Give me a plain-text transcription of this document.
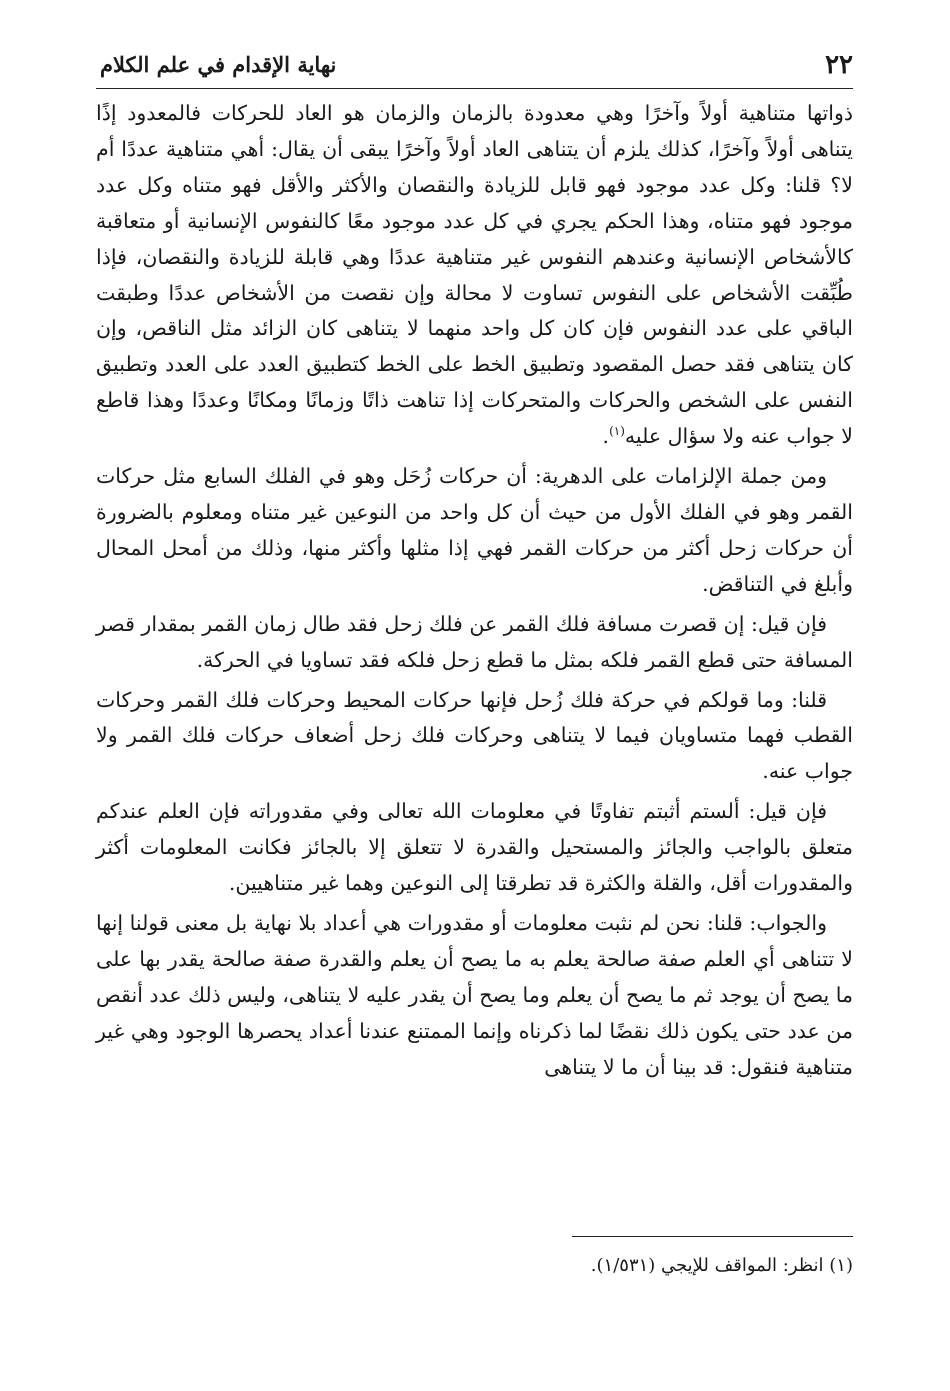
٢٢
نهاية الإقدام في علم الكلام

ذواتها متناهية أولاً وآخرًا وهي معدودة بالزمان والزمان هو العاد للحركات فالمعدود إذًا يتناهى أولاً وآخرًا، كذلك يلزم أن يتناهى العاد أولاً وآخرًا يبقى أن يقال: أهي متناهية عددًا أم لا؟ قلنا: وكل عدد موجود فهو قابل للزيادة والنقصان والأكثر والأقل فهو متناه وكل عدد موجود فهو متناه، وهذا الحكم يجري في كل عدد موجود معًا كالنفوس الإنسانية أو متعاقبة كالأشخاص الإنسانية وعندهم النفوس غير متناهية عددًا وهي قابلة للزيادة والنقصان، فإذا طُبِّقت الأشخاص على النفوس تساوت لا محالة وإن نقصت من الأشخاص عددًا وطبقت الباقي على عدد النفوس فإن كان كل واحد منهما لا يتناهى كان الزائد مثل الناقص، وإن كان يتناهى فقد حصل المقصود وتطبيق الخط على الخط كتطبيق العدد على العدد وتطبيق النفس على الشخص والحركات والمتحركات إذا تناهت ذاتًا وزمانًا ومكانًا وعددًا وهذا قاطع لا جواب عنه ولا سؤال عليه$^{(١)}$.

ومن جملة الإلزامات على الدهرية: أن حركات زُحَل وهو في الفلك السابع مثل حركات القمر وهو في الفلك الأول من حيث أن كل واحد من النوعين غير متناه ومعلوم بالضرورة أن حركات زحل أكثر من حركات القمر فهي إذا مثلها وأكثر منها، وذلك من أمحل المحال وأبلغ في التناقض.

فإن قيل: إن قصرت مسافة فلك القمر عن فلك زحل فقد طال زمان القمر بمقدار قصر المسافة حتى قطع القمر فلكه بمثل ما قطع زحل فلكه فقد تساويا في الحركة.

قلنا: وما قولكم في حركة فلك زُحل فإنها حركات المحيط وحركات فلك القمر وحركات القطب فهما متساويان فيما لا يتناهى وحركات فلك زحل أضعاف حركات فلك القمر ولا جواب عنه.

فإن قيل: ألستم أثبتم تفاوتًا في معلومات الله تعالى وفي مقدوراته فإن العلم عندكم متعلق بالواجب والجائز والمستحيل والقدرة لا تتعلق إلا بالجائز فكانت المعلومات أكثر والمقدورات أقل، والقلة والكثرة قد تطرقتا إلى النوعين وهما غير متناهيين.

والجواب: قلنا: نحن لم نثبت معلومات أو مقدورات هي أعداد بلا نهاية بل معنى قولنا إنها لا تتناهى أي العلم صفة صالحة يعلم به ما يصح أن يعلم والقدرة صفة صالحة يقدر بها على ما يصح أن يوجد ثم ما يصح أن يعلم وما يصح أن يقدر عليه لا يتناهى، وليس ذلك عدد أنقص من عدد حتى يكون ذلك نقضًا لما ذكرناه وإنما الممتنع عندنا أعداد يحصرها الوجود وهي غير متناهية فنقول: قد بينا أن ما لا يتناهى

(١) انظر: المواقف للإيجي (١/٥٣١).
